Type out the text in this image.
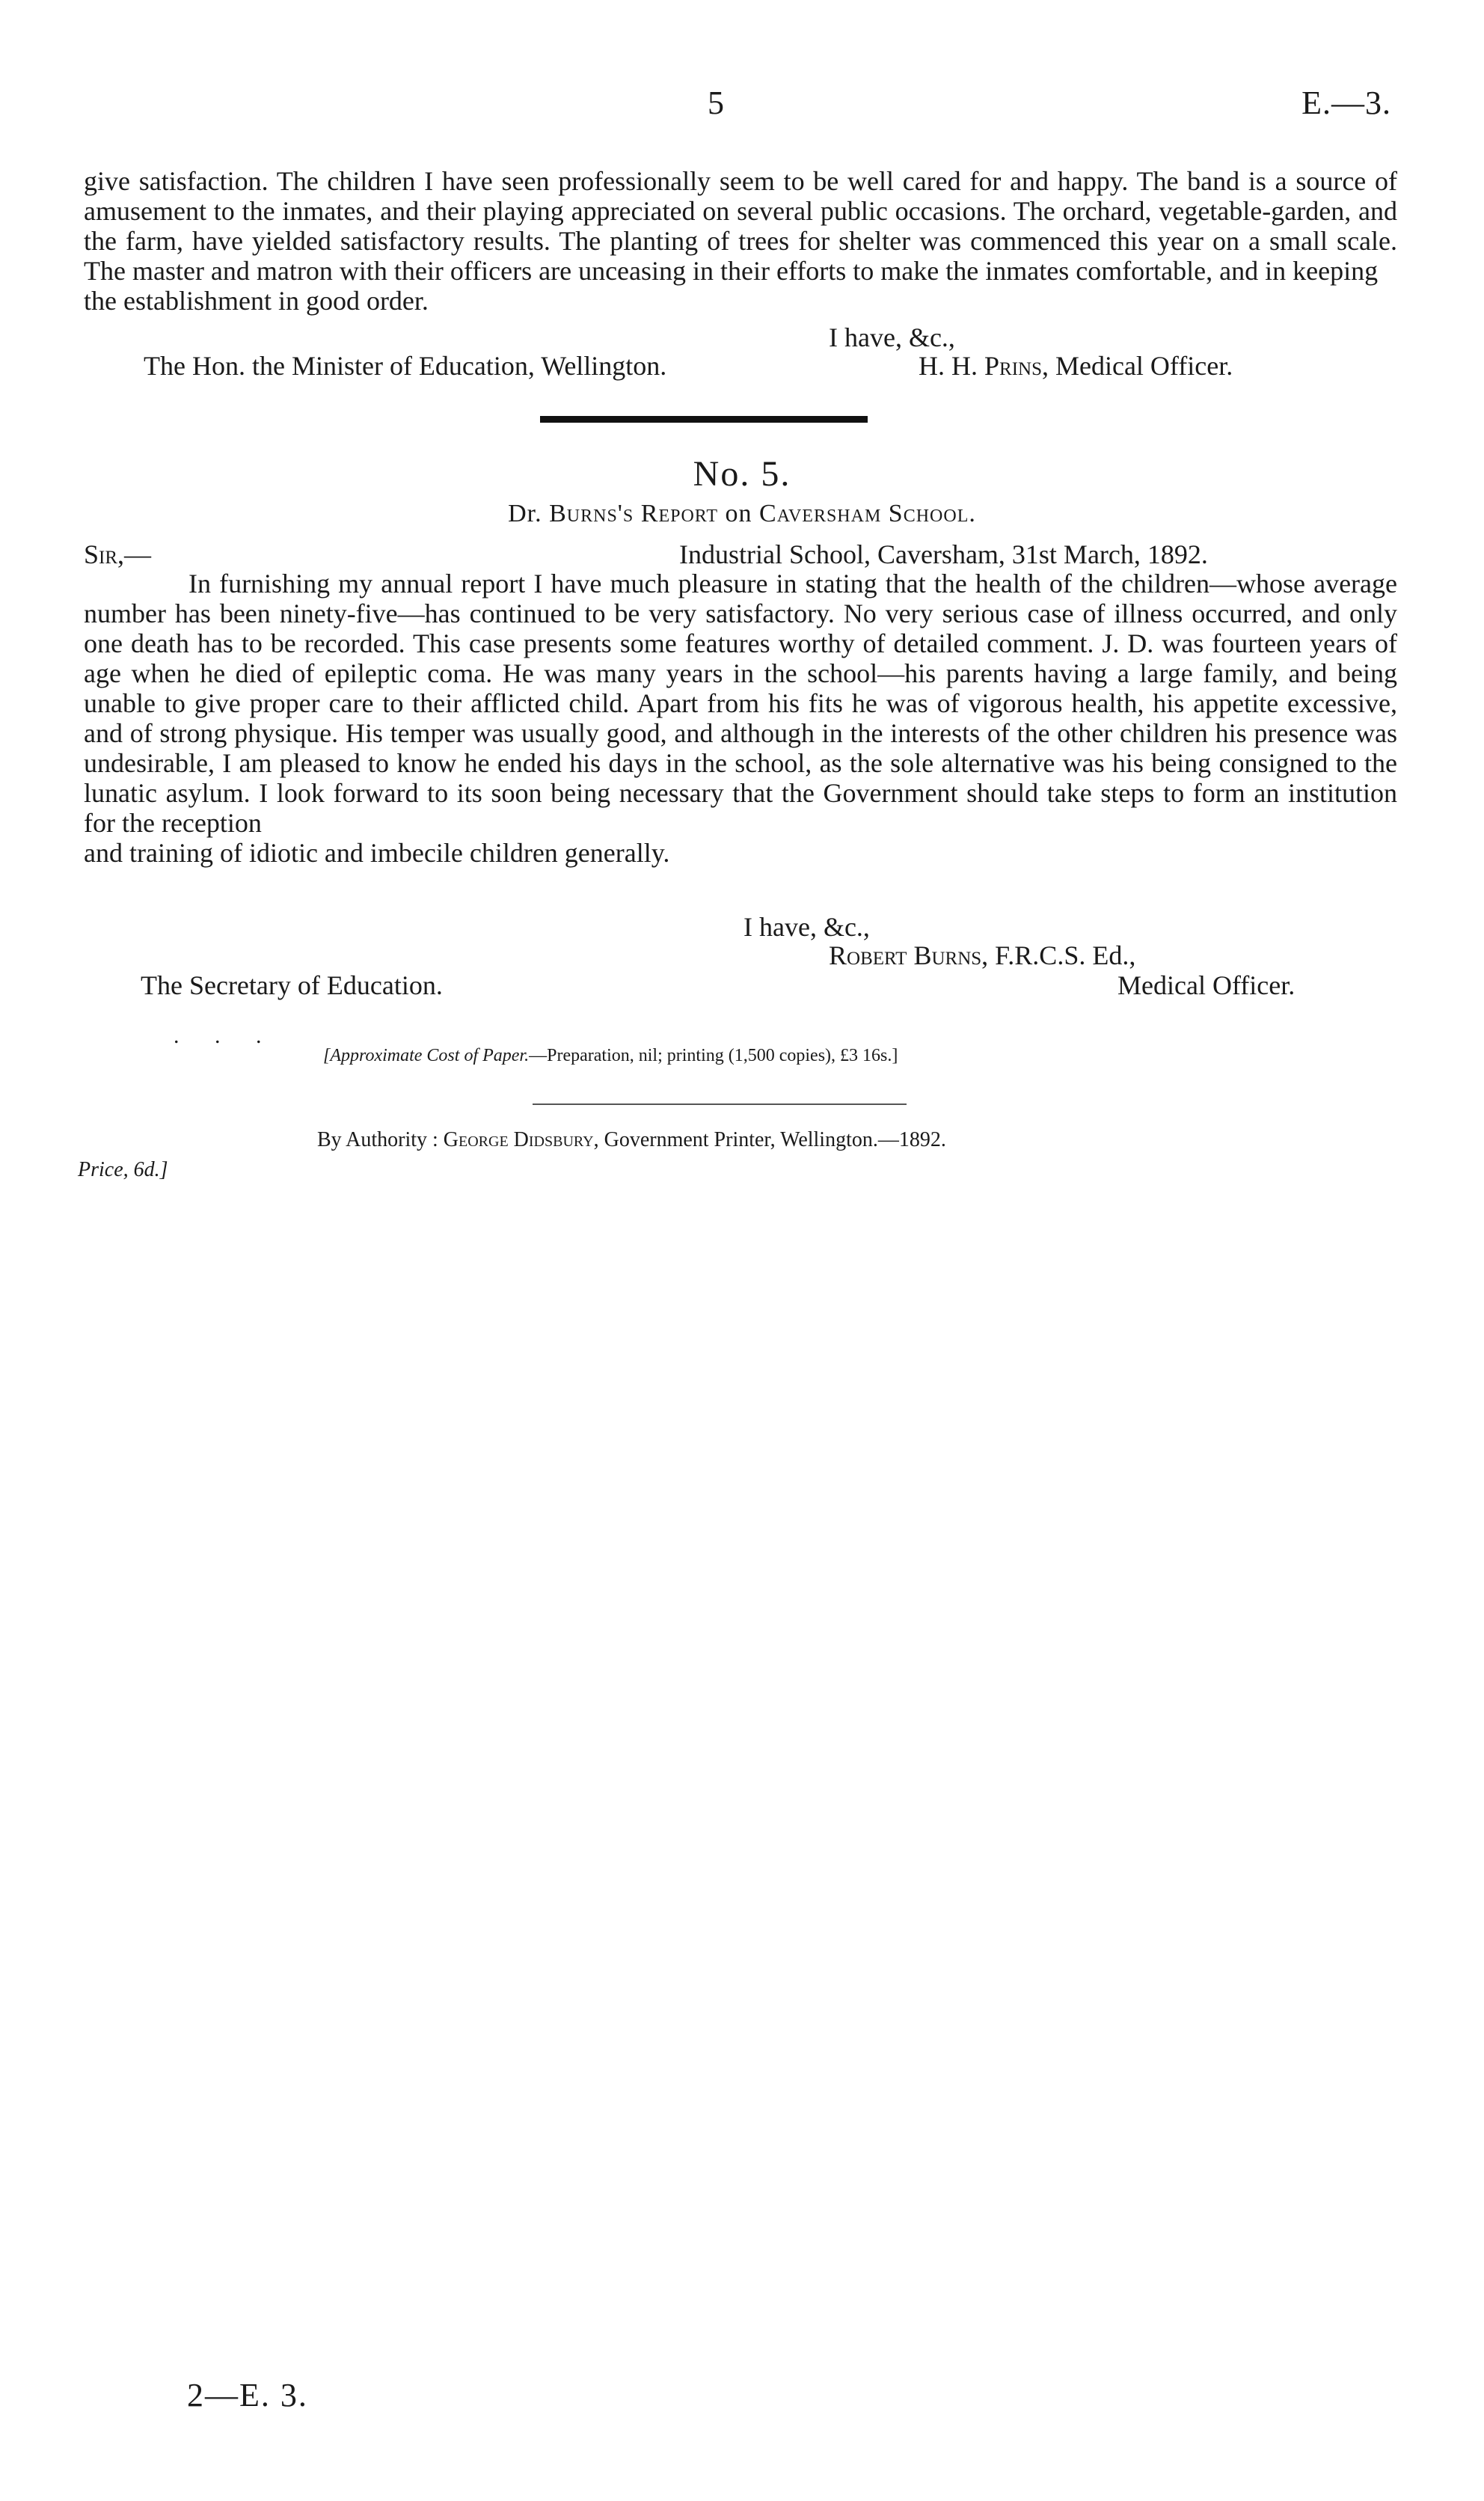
5	E.—3.

give satisfaction. The children I have seen professionally seem to be well cared for and happy. The band is a source of amusement to the inmates, and their playing appreciated on several public occasions. The orchard, vegetable-garden, and the farm, have yielded satisfactory results. The planting of trees for shelter was commenced this year on a small scale. The master and matron with their officers are unceasing in their efforts to make the inmates comfortable, and in keeping

the establishment in good order.

I have, &c.,
The Hon. the Minister of Education, Wellington.	H. H. Prins, Medical Officer.
No. 5.
Dr. Burns's Report on Caversham School.
Sir,—	Industrial School, Caversham, 31st March, 1892.

In furnishing my annual report I have much pleasure in stating that the health of the children—whose average number has been ninety-five—has continued to be very satisfactory. No very serious case of illness occurred, and only one death has to be recorded. This case presents some features worthy of detailed comment. J. D. was fourteen years of age when he died of epileptic coma. He was many years in the school—his parents having a large family, and being unable to give proper care to their afflicted child. Apart from his fits he was of vigorous health, his appetite excessive, and of strong physique. His temper was usually good, and although in the interests of the other children his presence was undesirable, I am pleased to know he ended his days in the school, as the sole alternative was his being consigned to the lunatic asylum. I look forward to its soon being necessary that the Government should take steps to form an institution for the reception

and training of idiotic and imbecile children generally.

I have, &c.,
Robert Burns, F.R.C.S. Ed.,
The Secretary of Education.	Medical Officer.
. . .
[Approximate Cost of Paper.—Preparation, nil; printing (1,500 copies), £3 16s.]
By Authority : George Didsbury, Government Printer, Wellington.—1892.
Price, 6d.]
2—E. 3.
